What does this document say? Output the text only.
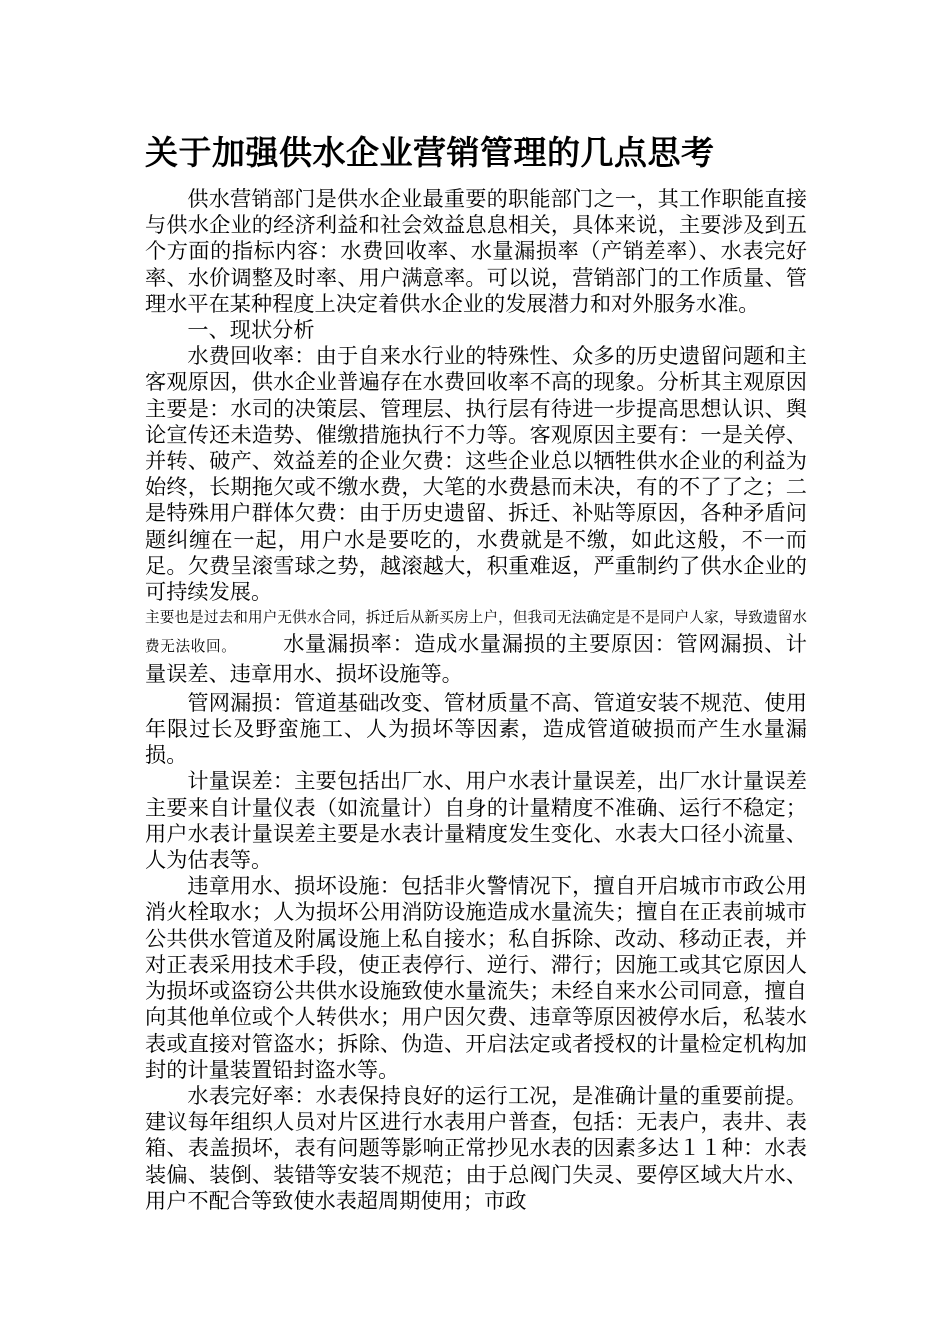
关于加强供水企业营销管理的几点思考

供水营销部门是供水企业最重要的职能部门之一，其工作职能直接与供水企业的经济利益和社会效益息息相关，具体来说，主要涉及到五个方面的指标内容：水费回收率、水量漏损率（产销差率）、水表完好率、水价调整及时率、用户满意率。可以说，营销部门的工作质量、管理水平在某种程度上决定着供水企业的发展潜力和对外服务水准。

一、现状分析

水费回收率：由于自来水行业的特殊性、众多的历史遗留问题和主客观原因，供水企业普遍存在水费回收率不高的现象。分析其主观原因主要是：水司的决策层、管理层、执行层有待进一步提高思想认识、舆论宣传还未造势、催缴措施执行不力等。客观原因主要有：一是关停、并转、破产、效益差的企业欠费：这些企业总以牺牲供水企业的利益为始终，长期拖欠或不缴水费，大笔的水费悬而未决，有的不了了之；二是特殊用户群体欠费：由于历史遗留、拆迁、补贴等原因，各种矛盾问题纠缠在一起，用户水是要吃的，水费就是不缴，如此这般，不一而足。欠费呈滚雪球之势，越滚越大，积重难返，严重制约了供水企业的可持续发展。

主要也是过去和用户无供水合同，拆迁后从新买房上户，但我司无法确定是不是同户人家，导致遗留水费无法收回。 水量漏损率：造成水量漏损的主要原因：管网漏损、计量误差、违章用水、损坏设施等。

管网漏损：管道基础改变、管材质量不高、管道安装不规范、使用年限过长及野蛮施工、人为损坏等因素，造成管道破损而产生水量漏损。

计量误差：主要包括出厂水、用户水表计量误差，出厂水计量误差主要来自计量仪表（如流量计）自身的计量精度不准确、运行不稳定；用户水表计量误差主要是水表计量精度发生变化、水表大口径小流量、人为估表等。

违章用水、损坏设施：包括非火警情况下，擅自开启城市市政公用消火栓取水；人为损坏公用消防设施造成水量流失；擅自在正表前城市公共供水管道及附属设施上私自接水；私自拆除、改动、移动正表，并对正表采用技术手段，使正表停行、逆行、滞行；因施工或其它原因人为损坏或盗窃公共供水设施致使水量流失；未经自来水公司同意，擅自向其他单位或个人转供水；用户因欠费、违章等原因被停水后，私装水表或直接对管盗水；拆除、伪造、开启法定或者授权的计量检定机构加封的计量装置铅封盗水等。

水表完好率：水表保持良好的运行工况，是准确计量的重要前提。建议每年组织人员对片区进行水表用户普查，包括：无表户，表井、表箱、表盖损坏，表有问题等影响正常抄见水表的因素多达１１种：水表装偏、装倒、装错等安装不规范；由于总阀门失灵、要停区域大片水、用户不配合等致使水表超周期使用；市政
